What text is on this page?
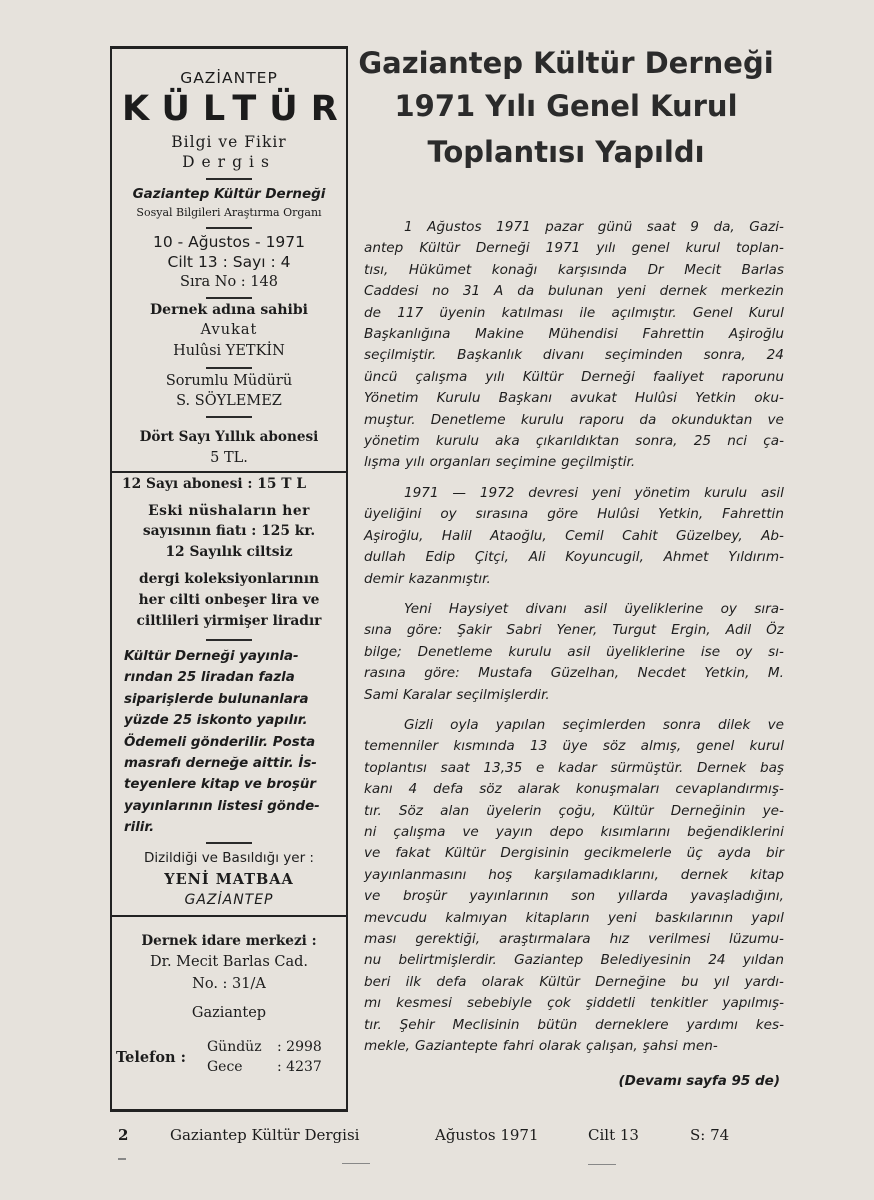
GAZİANTEP
KÜLTÜR
Bilgi ve Fikir
Dergis
Gaziantep Kültür Derneği
Sosyal Bilgileri Araştırma Organı
10 - Ağustos - 1971
Cilt 13 : Sayı : 4
Sıra No : 148
Dernek adına sahibi
Avukat
Hulûsi YETKİN
Sorumlu Müdürü
S. SÖYLEMEZ
Dört Sayı Yıllık abonesi
5 TL.
12 Sayı abonesi : 15 T L
Eski nüshaların her
sayısının fiatı : 125 kr.
12 Sayılık ciltsiz
dergi koleksiyonlarının
her cilti onbeşer lira ve
ciltlileri yirmişer liradır
Kültür Derneği yayınla-
rından 25 liradan fazla
siparişlerde bulunanlara
yüzde 25 iskonto yapılır.
Ödemeli gönderilir. Posta
masrafı derneğe aittir. İs-
teyenlere kitap ve broşür
yayınlarının listesi gönde-
rilir.
Dizildiği ve Basıldığı yer :
YENİ MATBAA
GAZİANTEP
Dernek idare merkezi :
Dr. Mecit Barlas Cad.
No. : 31/A
Gaziantep
Telefon :
Gündüz : 2998
Gece : 4237
Gaziantep Kültür Derneği
1971 Yılı Genel Kurul
Toplantısı Yapıldı
1 Ağustos 1971 pazar günü saat 9 da, Gazi-
antep Kültür Derneği 1971 yılı genel kurul toplan-
tısı, Hükümet konağı karşısında Dr Mecit Barlas
Caddesi no 31 A da bulunan yeni dernek merkezin
de 117 üyenin katılması ile açılmıştır. Genel Kurul
Başkanlığına Makine Mühendisi Fahrettin Aşiroğlu
seçilmiştir. Başkanlık divanı seçiminden sonra, 24
üncü çalışma yılı Kültür Derneği faaliyet raporunu
Yönetim Kurulu Başkanı avukat Hulûsi Yetkin oku-
muştur. Denetleme kurulu raporu da okunduktan ve
yönetim kurulu aka çıkarıldıktan sonra, 25 nci ça-
lışma yılı organları seçimine geçilmiştir.
1971 — 1972 devresi yeni yönetim kurulu asil
üyeliğini oy sırasına göre Hulûsi Yetkin, Fahrettin
Aşiroğlu, Halil Ataoğlu, Cemil Cahit Güzelbey, Ab-
dullah Edip Çitçi, Ali Koyuncugil, Ahmet Yıldırım-
demir kazanmıştır.
Yeni Haysiyet divanı asil üyeliklerine oy sıra-
sına göre: Şakir Sabri Yener, Turgut Ergin, Adil Öz
bilge; Denetleme kurulu asil üyeliklerine ise oy sı-
rasına göre: Mustafa Güzelhan, Necdet Yetkin, M.
Sami Karalar seçilmişlerdir.
Gizli oyla yapılan seçimlerden sonra dilek ve
temenniler kısmında 13 üye söz almış, genel kurul
toplantısı saat 13,35 e kadar sürmüştür. Dernek baş
kanı 4 defa söz alarak konuşmaları cevaplandırmış-
tır. Söz alan üyelerin çoğu, Kültür Derneğinin ye-
ni çalışma ve yayın depo kısımlarını beğendiklerini
ve fakat Kültür Dergisinin gecikmelerle üç ayda bir
yayınlanmasını hoş karşılamadıklarını, dernek kitap
ve broşür yayınlarının son yıllarda yavaşladığını,
mevcudu kalmıyan kitapların yeni baskılarının yapıl
ması gerektiği, araştırmalara hız verilmesi lüzumu-
nu belirtmişlerdir. Gaziantep Belediyesinin 24 yıldan
beri ilk defa olarak Kültür Derneğine bu yıl yardı-
mı kesmesi sebebiyle çok şiddetli tenkitler yapılmış-
tır. Şehir Meclisinin bütün derneklere yardımı kes-
mekle, Gaziantepte fahri olarak çalışan, şahsi men-
(Devamı sayfa 95 de)
2	Gaziantep Kültür Dergisi	Ağustos 1971	Cilt 13	S: 74
